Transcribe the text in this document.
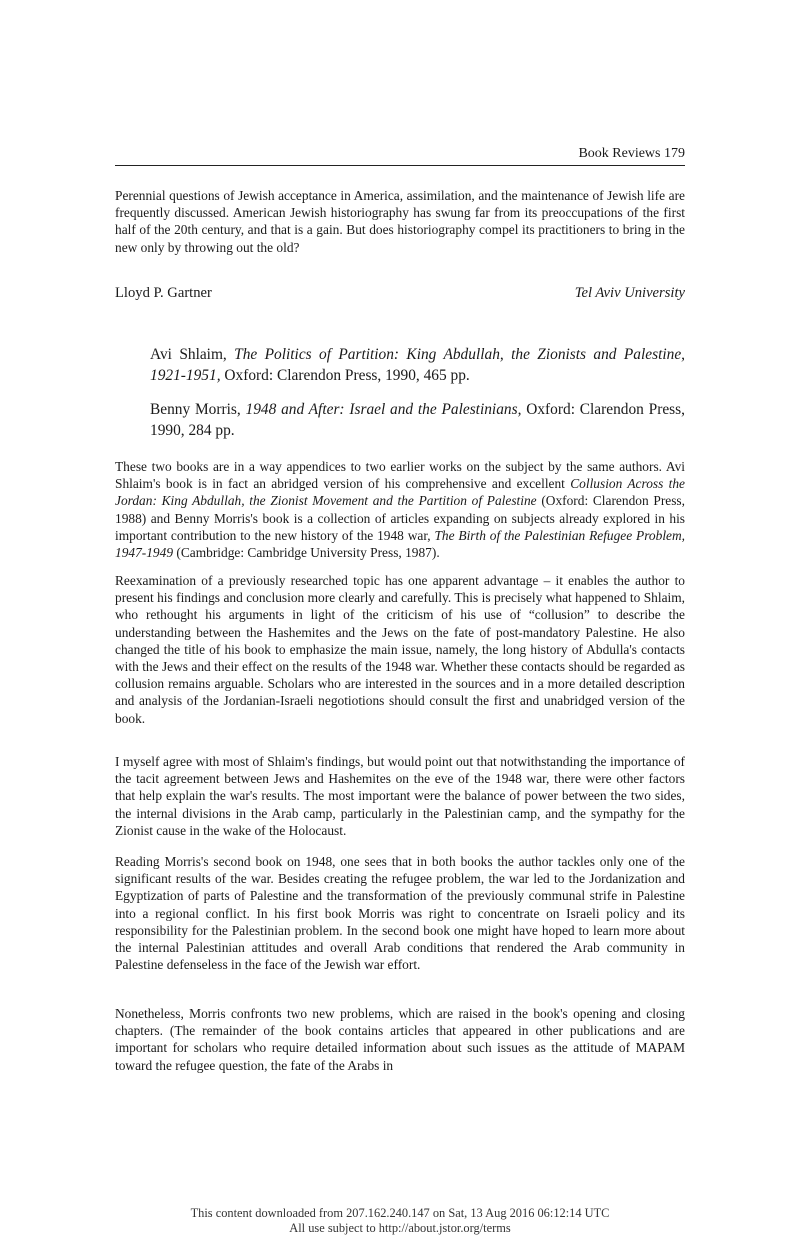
Book Reviews 179

Perennial questions of Jewish acceptance in America, assimilation, and the maintenance of Jewish life are frequently discussed. American Jewish historiography has swung far from its preoccupations of the first half of the 20th century, and that is a gain. But does historiography compel its practitioners to bring in the new only by throwing out the old?

Lloyd P. Gartner	Tel Aviv University

Avi Shlaim, The Politics of Partition: King Abdullah, the Zionists and Palestine, 1921-1951, Oxford: Clarendon Press, 1990, 465 pp.

Benny Morris, 1948 and After: Israel and the Palestinians, Oxford: Clarendon Press, 1990, 284 pp.

These two books are in a way appendices to two earlier works on the subject by the same authors. Avi Shlaim's book is in fact an abridged version of his comprehensive and excellent Collusion Across the Jordan: King Abdullah, the Zionist Movement and the Partition of Palestine (Oxford: Clarendon Press, 1988) and Benny Morris's book is a collection of articles expanding on subjects already explored in his important contribution to the new history of the 1948 war, The Birth of the Palestinian Refugee Problem, 1947-1949 (Cambridge: Cambridge University Press, 1987).

Reexamination of a previously researched topic has one apparent advantage – it enables the author to present his findings and conclusion more clearly and carefully. This is precisely what happened to Shlaim, who rethought his arguments in light of the criticism of his use of “collusion” to describe the understanding between the Hashemites and the Jews on the fate of post-mandatory Palestine. He also changed the title of his book to emphasize the main issue, namely, the long history of Abdulla's contacts with the Jews and their effect on the results of the 1948 war. Whether these contacts should be regarded as collusion remains arguable. Scholars who are interested in the sources and in a more detailed description and analysis of the Jordanian-Israeli negotiotions should consult the first and unabridged version of the book.

I myself agree with most of Shlaim's findings, but would point out that notwithstanding the importance of the tacit agreement between Jews and Hashemites on the eve of the 1948 war, there were other factors that help explain the war's results. The most important were the balance of power between the two sides, the internal divisions in the Arab camp, particularly in the Palestinian camp, and the sympathy for the Zionist cause in the wake of the Holocaust.

Reading Morris's second book on 1948, one sees that in both books the author tackles only one of the significant results of the war. Besides creating the refugee problem, the war led to the Jordanization and Egyptization of parts of Palestine and the transformation of the previously communal strife in Palestine into a regional conflict. In his first book Morris was right to concentrate on Israeli policy and its responsibility for the Palestinian problem. In the second book one might have hoped to learn more about the internal Palestinian attitudes and overall Arab conditions that rendered the Arab community in Palestine defenseless in the face of the Jewish war effort.

Nonetheless, Morris confronts two new problems, which are raised in the book's opening and closing chapters. (The remainder of the book contains articles that appeared in other publications and are important for scholars who require detailed information about such issues as the attitude of MAPAM toward the refugee question, the fate of the Arabs in

This content downloaded from 207.162.240.147 on Sat, 13 Aug 2016 06:12:14 UTC
All use subject to http://about.jstor.org/terms
